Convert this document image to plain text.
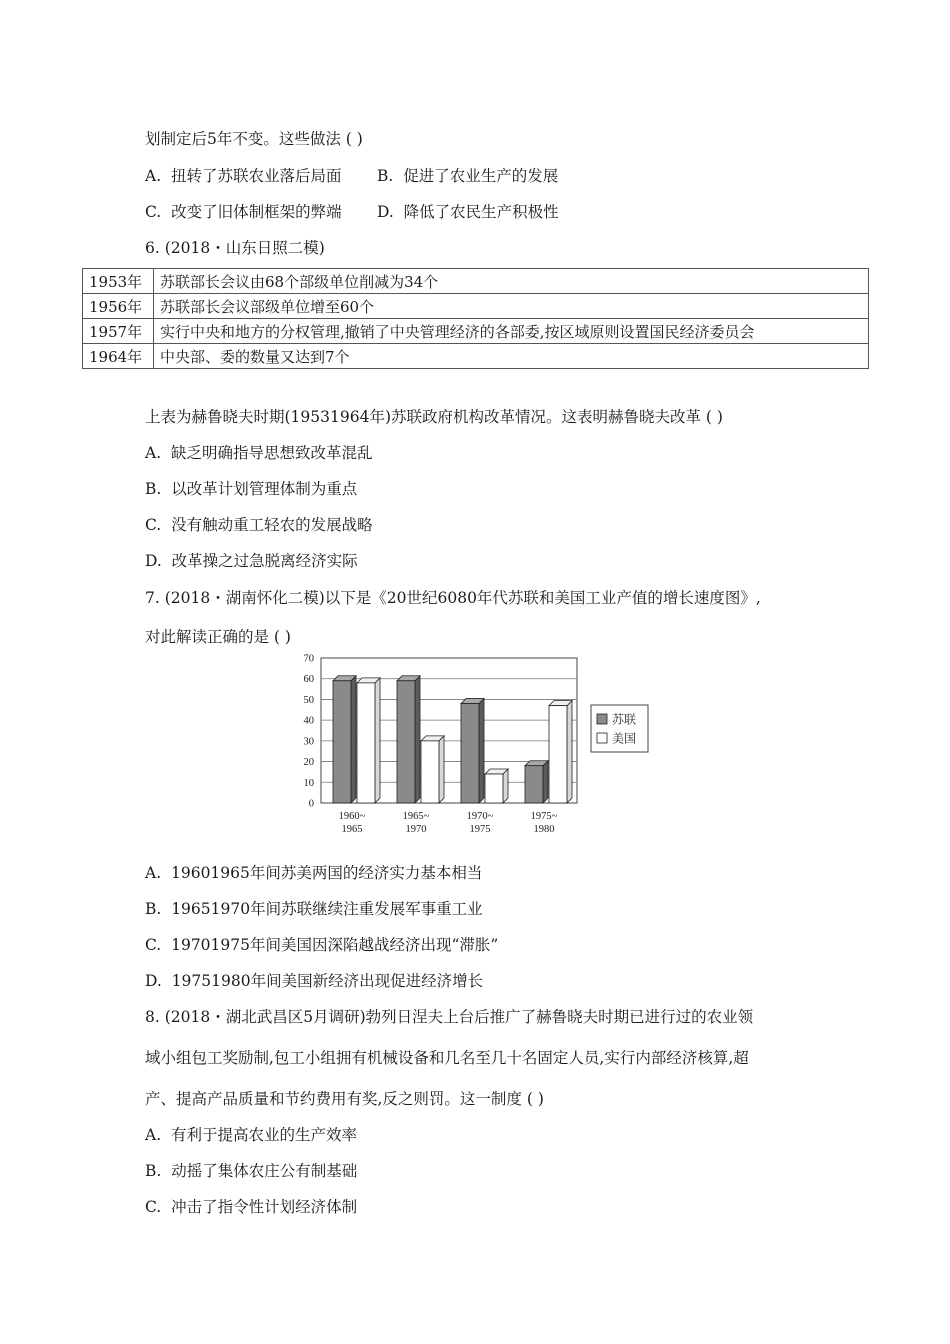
划制定后5年不变。这些做法 ( )
A. 扭转了苏联农业落后局面 B. 促进了农业生产的发展
C. 改变了旧体制框架的弊端 D. 降低了农民生产积极性
6. (2018・山东日照二模)
1953年	苏联部长会议由68个部级单位削减为34个
1956年	苏联部长会议部级单位增至60个
1957年	实行中央和地方的分权管理,撤销了中央管理经济的各部委,按区域原则设置国民经济委员会
1964年	中央部、委的数量又达到7个
上表为赫鲁晓夫时期(19531964年)苏联政府机构改革情况。这表明赫鲁晓夫改革 ( )
A. 缺乏明确指导思想致改革混乱
B. 以改革计划管理体制为重点
C. 没有触动重工轻农的发展战略
D. 改革操之过急脱离经济实际
7. (2018・湖南怀化二模)以下是《20世纪6080年代苏联和美国工业产值的增长速度图》,
对此解读正确的是 ( )
0
10
20
30
40
50
60
70
1960~
1965
1965~
1970
1970~
1975
1975~
1980
苏联
美国
A. 19601965年间苏美两国的经济实力基本相当
B. 19651970年间苏联继续注重发展军事重工业
C. 19701975年间美国因深陷越战经济出现“滞胀”
D. 19751980年间美国新经济出现促进经济增长
8. (2018・湖北武昌区5月调研)勃列日涅夫上台后推广了赫鲁晓夫时期已进行过的农业领
域小组包工奖励制,包工小组拥有机械设备和几名至几十名固定人员,实行内部经济核算,超
产、提高产品质量和节约费用有奖,反之则罚。这一制度 ( )
A. 有利于提高农业的生产效率
B. 动摇了集体农庄公有制基础
C. 冲击了指令性计划经济体制
